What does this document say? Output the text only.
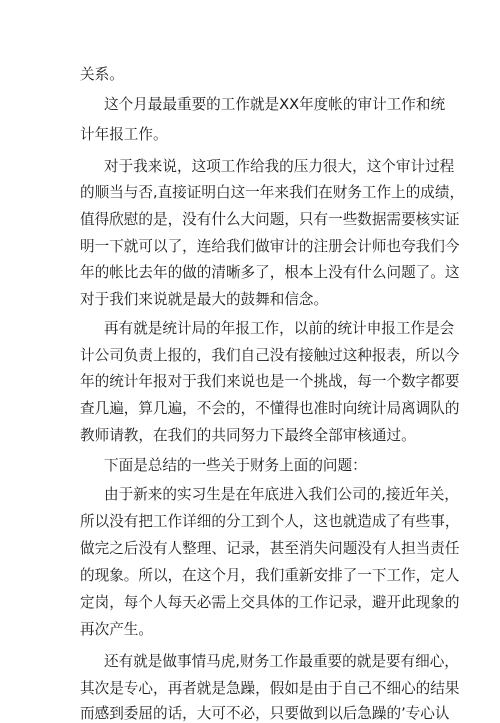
关系。
这个月最最重要的工作就是XX年度帐的审计工作和统
计年报工作。
对于我来说，这项工作给我的压力很大，这个审计过程
的顺当与否,直接证明白这一年来我们在财务工作上的成绩，
值得欣慰的是，没有什么大问题，只有一些数据需要核实证
明一下就可以了，连给我们做审计的注册会计师也夸我们今
年的帐比去年的做的清晰多了，根本上没有什么问题了。这
对于我们来说就是最大的鼓舞和信念。
再有就是统计局的年报工作，以前的统计申报工作是会
计公司负责上报的，我们自己没有接触过这种报表，所以今
年的统计年报对于我们来说也是一个挑战，每一个数字都要
查几遍，算几遍，不会的，不懂得也准时向统计局离调队的
教师请教，在我们的共同努力下最终全部审核通过。
下面是总结的一些关于财务上面的问题：
由于新来的实习生是在年底进入我们公司的,接近年关，
所以没有把工作详细的分工到个人，这也就造成了有些事，
做完之后没有人整理、记录，甚至消失问题没有人担当责任
的现象。所以，在这个月，我们重新安排了一下工作，定人
定岗，每个人每天必需上交具体的工作记录，避开此现象的
再次产生。
还有就是做事情马虎,财务工作最重要的就是要有细心，
其次是专心，再者就是急躁，假如是由于自己不细心的结果
而感到委屈的话，大可不必，只要做到以后急躁的’专心认
